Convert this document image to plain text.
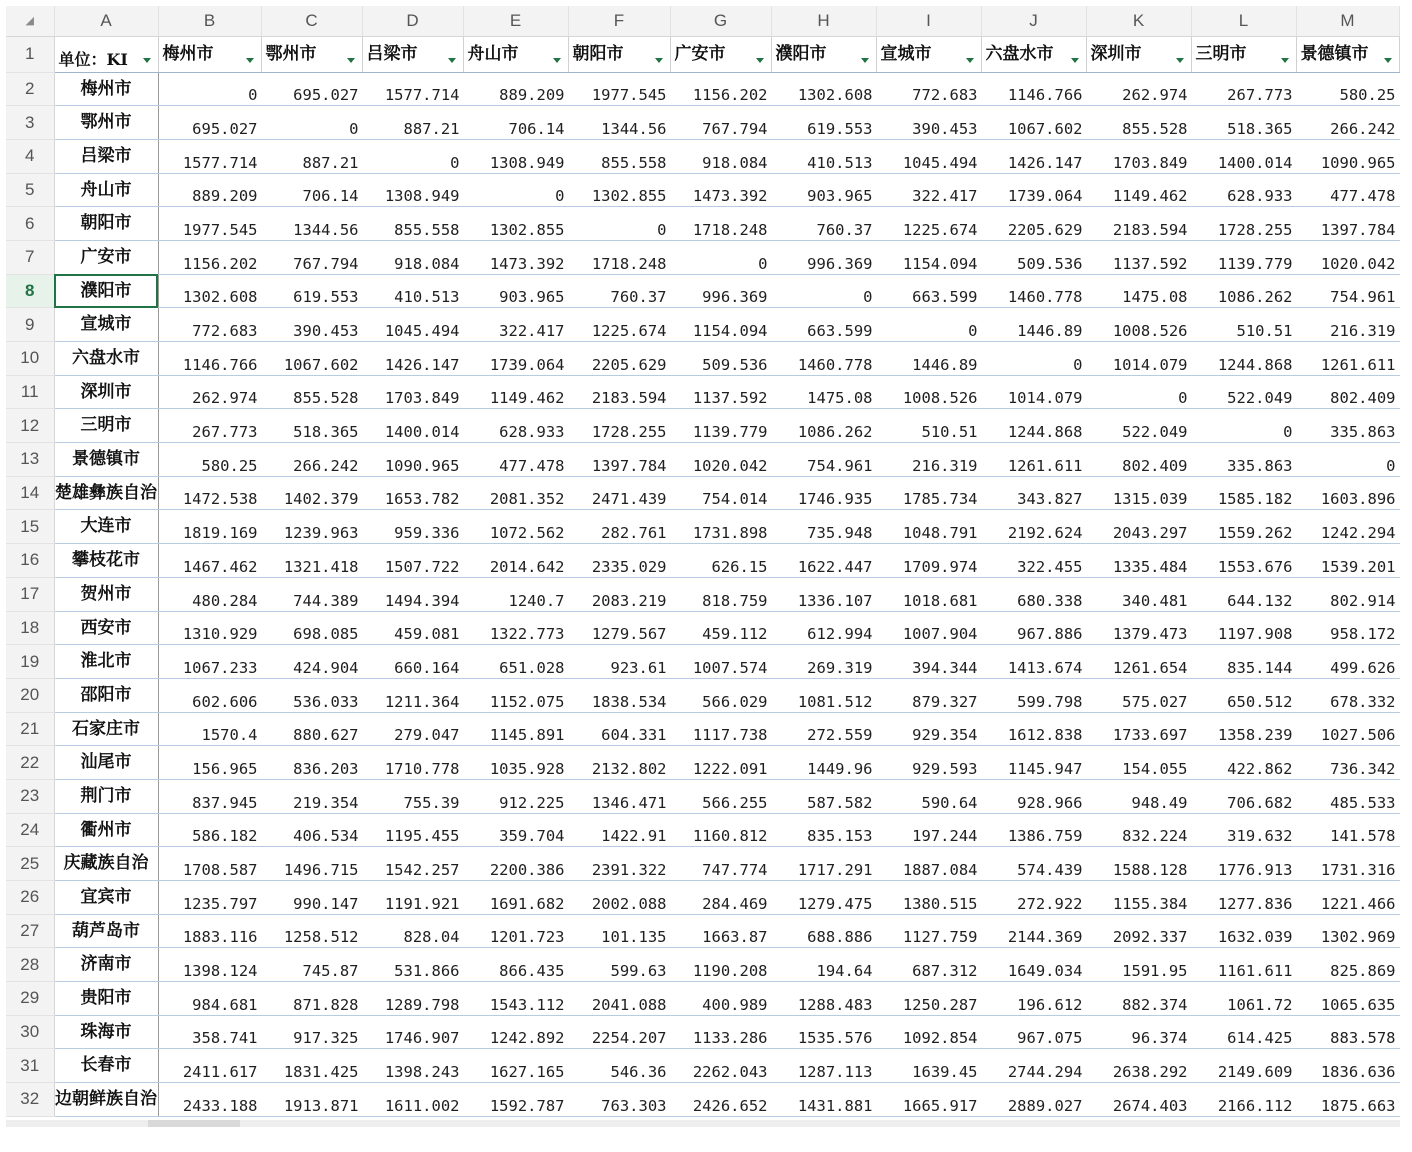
◢	A	B	C	D	E	F	G	H	I	J	K	L	M
1	单位：KI	梅州市	鄂州市	吕梁市	舟山市	朝阳市	广安市	濮阳市	宣城市	六盘水市	深圳市	三明市	景德镇市

2	梅州市	0	695.027	1577.714	889.209	1977.545	1156.202	1302.608	772.683	1146.766	262.974	267.773	580.25
3	鄂州市	695.027	0	887.21	706.14	1344.56	767.794	619.553	390.453	1067.602	855.528	518.365	266.242
4	吕梁市	1577.714	887.21	0	1308.949	855.558	918.084	410.513	1045.494	1426.147	1703.849	1400.014	1090.965
5	舟山市	889.209	706.14	1308.949	0	1302.855	1473.392	903.965	322.417	1739.064	1149.462	628.933	477.478
6	朝阳市	1977.545	1344.56	855.558	1302.855	0	1718.248	760.37	1225.674	2205.629	2183.594	1728.255	1397.784
7	广安市	1156.202	767.794	918.084	1473.392	1718.248	0	996.369	1154.094	509.536	1137.592	1139.779	1020.042
8	濮阳市	1302.608	619.553	410.513	903.965	760.37	996.369	0	663.599	1460.778	1475.08	1086.262	754.961
9	宣城市	772.683	390.453	1045.494	322.417	1225.674	1154.094	663.599	0	1446.89	1008.526	510.51	216.319
10	六盘水市	1146.766	1067.602	1426.147	1739.064	2205.629	509.536	1460.778	1446.89	0	1014.079	1244.868	1261.611
11	深圳市	262.974	855.528	1703.849	1149.462	2183.594	1137.592	1475.08	1008.526	1014.079	0	522.049	802.409
12	三明市	267.773	518.365	1400.014	628.933	1728.255	1139.779	1086.262	510.51	1244.868	522.049	0	335.863
13	景德镇市	580.25	266.242	1090.965	477.478	1397.784	1020.042	754.961	216.319	1261.611	802.409	335.863	0
14	楚雄彝族自治	1472.538	1402.379	1653.782	2081.352	2471.439	754.014	1746.935	1785.734	343.827	1315.039	1585.182	1603.896
15	大连市	1819.169	1239.963	959.336	1072.562	282.761	1731.898	735.948	1048.791	2192.624	2043.297	1559.262	1242.294
16	攀枝花市	1467.462	1321.418	1507.722	2014.642	2335.029	626.15	1622.447	1709.974	322.455	1335.484	1553.676	1539.201
17	贺州市	480.284	744.389	1494.394	1240.7	2083.219	818.759	1336.107	1018.681	680.338	340.481	644.132	802.914
18	西安市	1310.929	698.085	459.081	1322.773	1279.567	459.112	612.994	1007.904	967.886	1379.473	1197.908	958.172
19	淮北市	1067.233	424.904	660.164	651.028	923.61	1007.574	269.319	394.344	1413.674	1261.654	835.144	499.626
20	邵阳市	602.606	536.033	1211.364	1152.075	1838.534	566.029	1081.512	879.327	599.798	575.027	650.512	678.332
21	石家庄市	1570.4	880.627	279.047	1145.891	604.331	1117.738	272.559	929.354	1612.838	1733.697	1358.239	1027.506
22	汕尾市	156.965	836.203	1710.778	1035.928	2132.802	1222.091	1449.96	929.593	1145.947	154.055	422.862	736.342
23	荆门市	837.945	219.354	755.39	912.225	1346.471	566.255	587.582	590.64	928.966	948.49	706.682	485.533
24	衢州市	586.182	406.534	1195.455	359.704	1422.91	1160.812	835.153	197.244	1386.759	832.224	319.632	141.578
25	庆藏族自治	1708.587	1496.715	1542.257	2200.386	2391.322	747.774	1717.291	1887.084	574.439	1588.128	1776.913	1731.316
26	宜宾市	1235.797	990.147	1191.921	1691.682	2002.088	284.469	1279.475	1380.515	272.922	1155.384	1277.836	1221.466
27	葫芦岛市	1883.116	1258.512	828.04	1201.723	101.135	1663.87	688.886	1127.759	2144.369	2092.337	1632.039	1302.969
28	济南市	1398.124	745.87	531.866	866.435	599.63	1190.208	194.64	687.312	1649.034	1591.95	1161.611	825.869
29	贵阳市	984.681	871.828	1289.798	1543.112	2041.088	400.989	1288.483	1250.287	196.612	882.374	1061.72	1065.635
30	珠海市	358.741	917.325	1746.907	1242.892	2254.207	1133.286	1535.576	1092.854	967.075	96.374	614.425	883.578
31	长春市	2411.617	1831.425	1398.243	1627.165	546.36	2262.043	1287.113	1639.45	2744.294	2638.292	2149.609	1836.636
32	边朝鲜族自治	2433.188	1913.871	1611.002	1592.787	763.303	2426.652	1431.881	1665.917	2889.027	2674.403	2166.112	1875.663
